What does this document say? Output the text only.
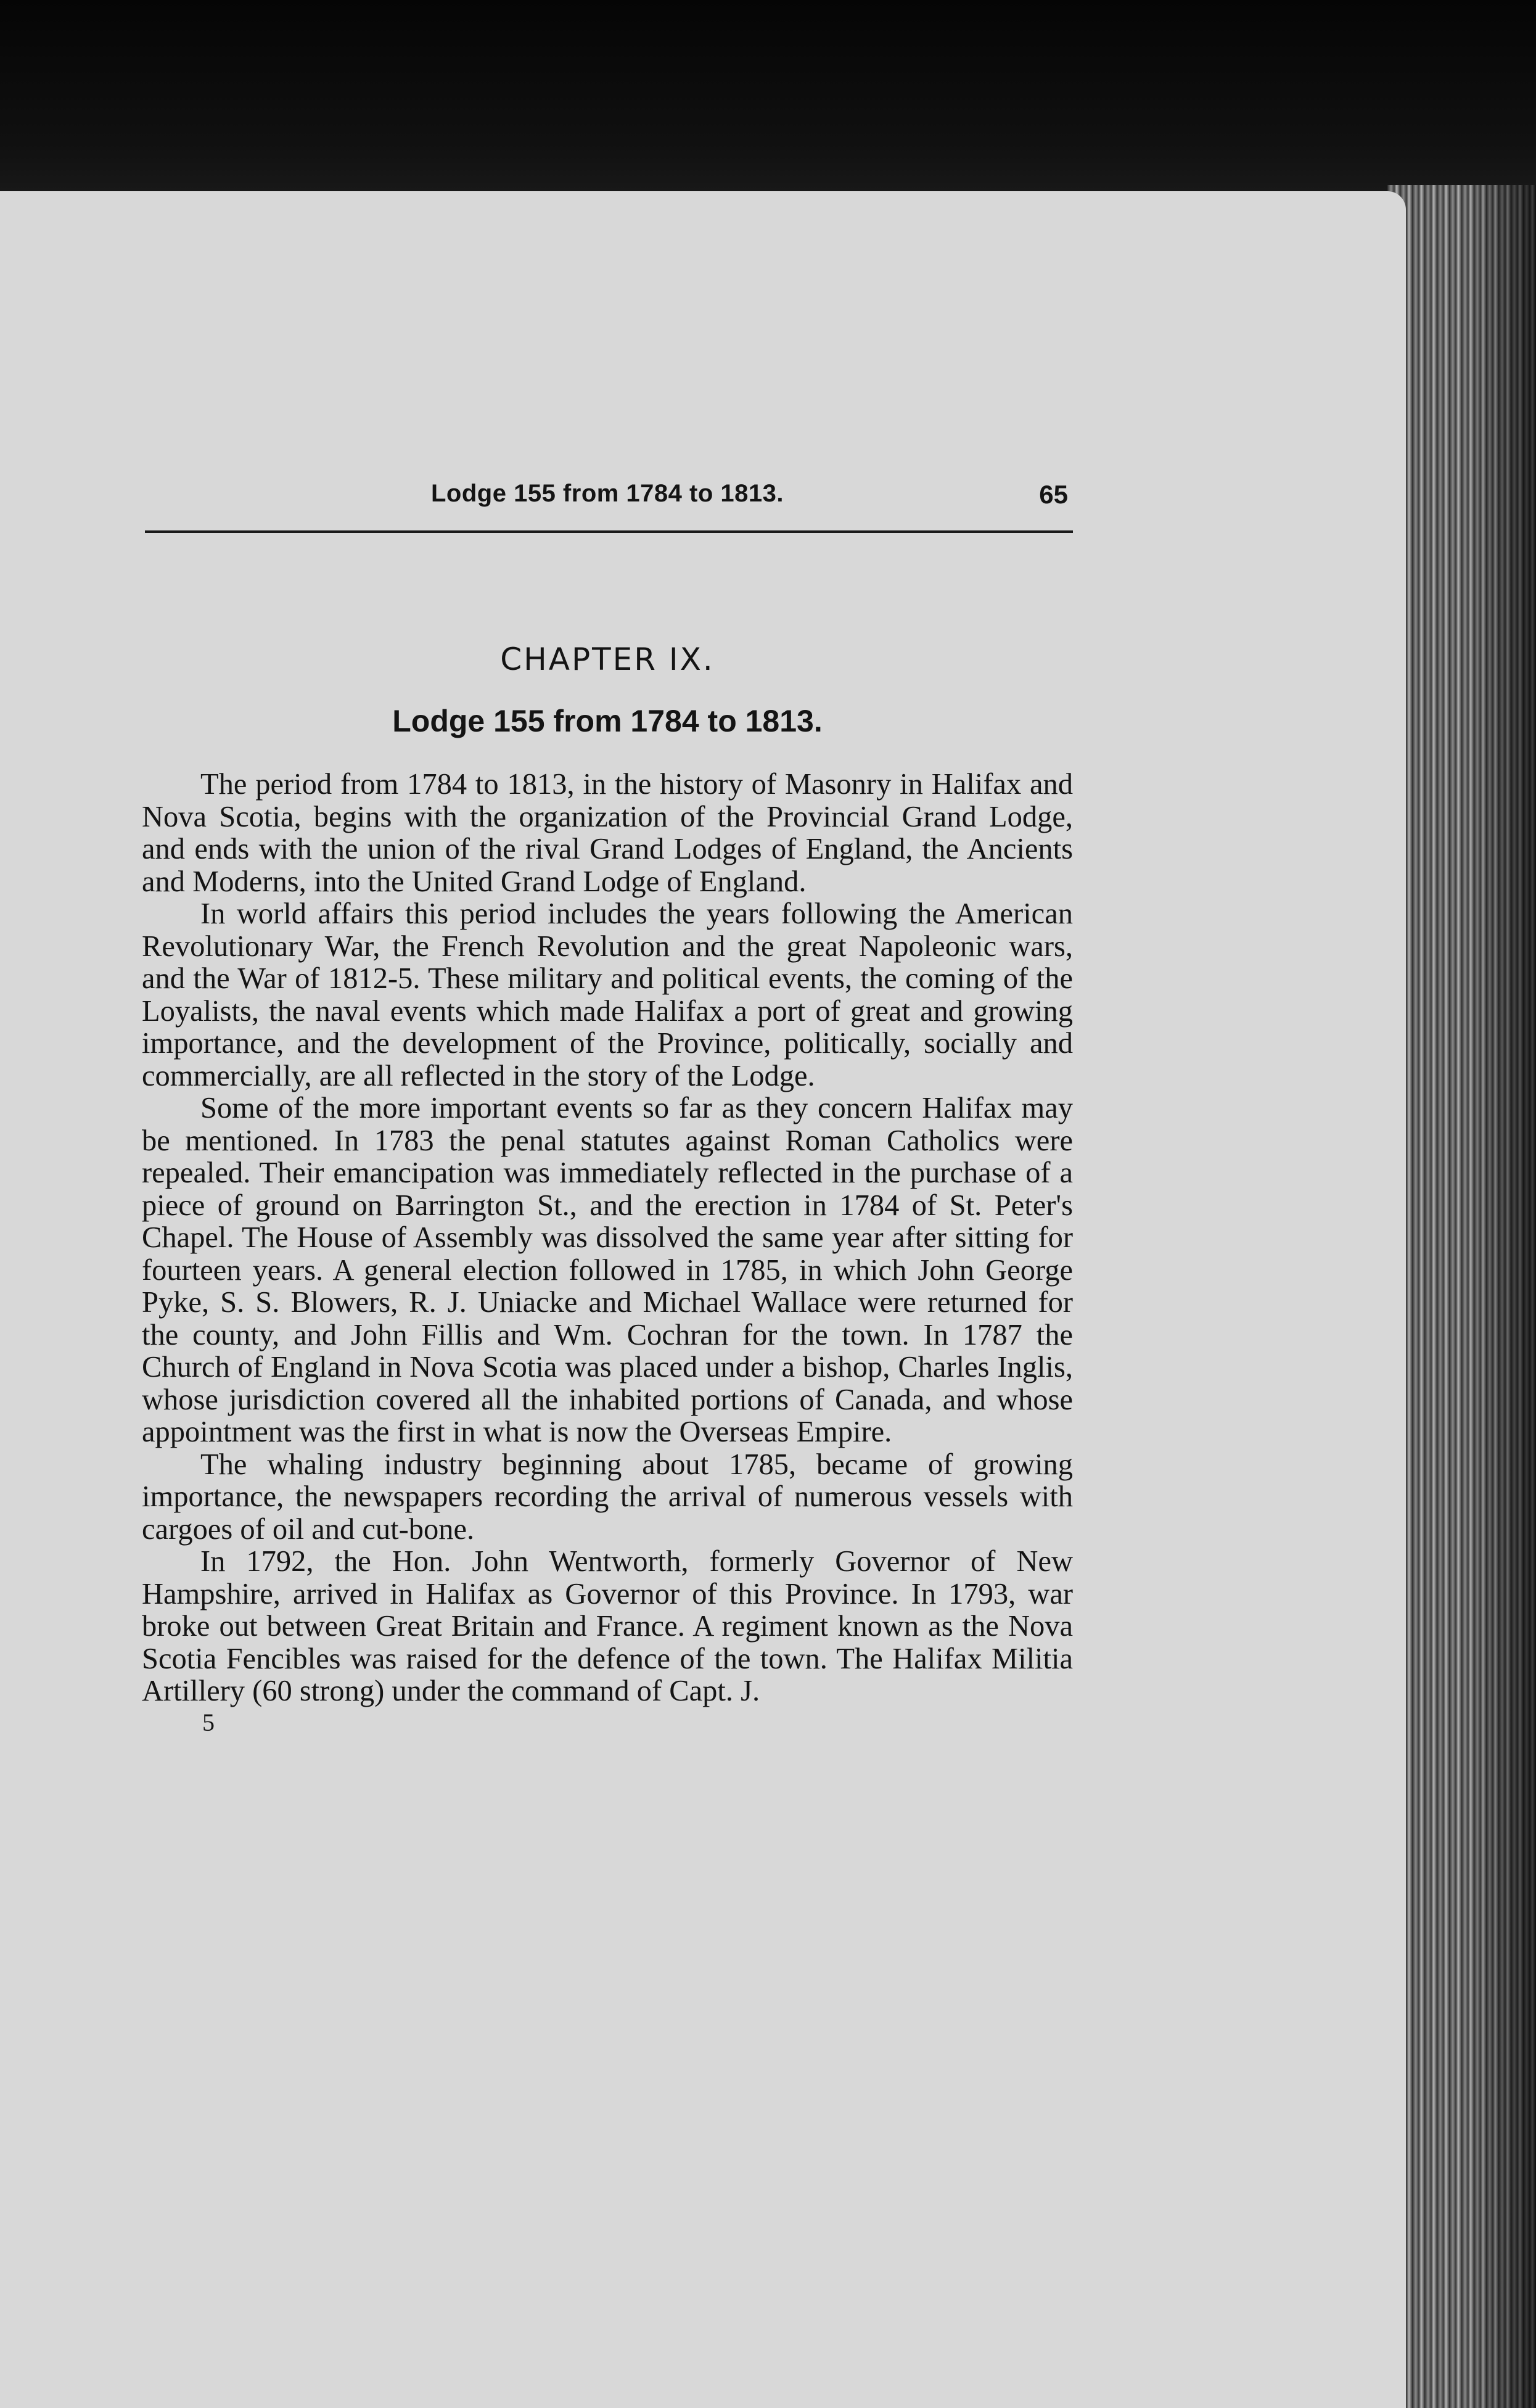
Lodge 155 from 1784 to 1813.	65
CHAPTER IX.
Lodge 155 from 1784 to 1813.

The period from 1784 to 1813, in the history of Masonry in Halifax and Nova Scotia, begins with the organization of the Provincial Grand Lodge, and ends with the union of the rival Grand Lodges of England, the Ancients and Moderns, into the United Grand Lodge of England.

In world affairs this period includes the years following the American Revolutionary War, the French Revolution and the great Napoleonic wars, and the War of 1812-5. These military and political events, the coming of the Loyalists, the naval events which made Halifax a port of great and growing importance, and the development of the Province, politically, socially and commercially, are all reflected in the story of the Lodge.

Some of the more important events so far as they concern Halifax may be mentioned. In 1783 the penal statutes against Roman Catholics were repealed. Their emancipation was immediately reflected in the purchase of a piece of ground on Barrington St., and the erection in 1784 of St. Peter's Chapel. The House of Assembly was dissolved the same year after sitting for fourteen years. A general election followed in 1785, in which John George Pyke, S. S. Blowers, R. J. Uniacke and Michael Wallace were returned for the county, and John Fillis and Wm. Cochran for the town. In 1787 the Church of England in Nova Scotia was placed under a bishop, Charles Inglis, whose jurisdiction covered all the inhabited portions of Canada, and whose appointment was the first in what is now the Overseas Empire.

The whaling industry beginning about 1785, became of growing importance, the newspapers recording the arrival of numerous vessels with cargoes of oil and cut-bone.

In 1792, the Hon. John Wentworth, formerly Governor of New Hampshire, arrived in Halifax as Governor of this Province. In 1793, war broke out between Great Britain and France. A regiment known as the Nova Scotia Fencibles was raised for the defence of the town. The Halifax Militia Artillery (60 strong) under the command of Capt. J.

5
